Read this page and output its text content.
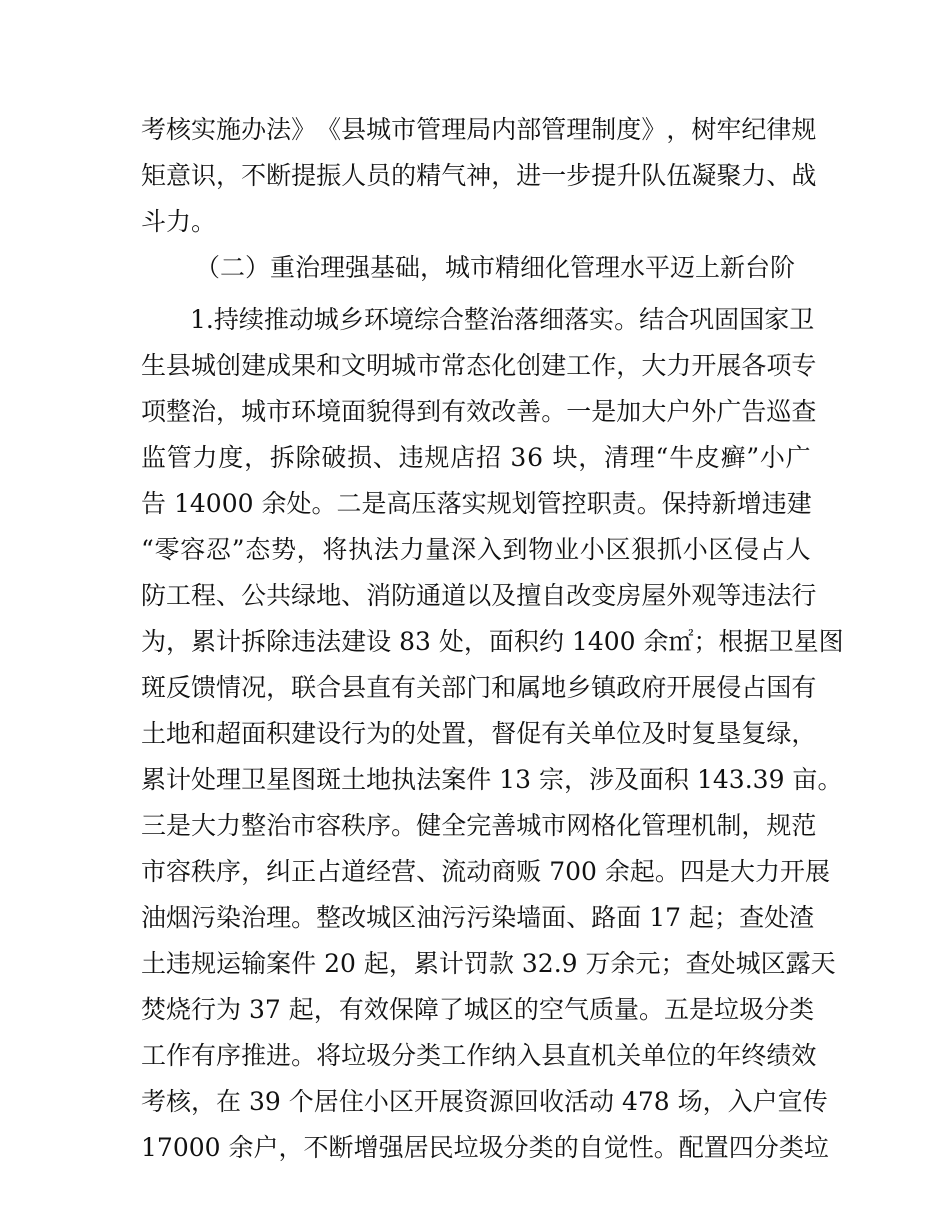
考 核 实 施 办 法 》 《 县 城 市 管 理 局 内 部 管 理 制 度 》 ， 树 牢 纪 律 规
矩 意 识 ， 不 断 提 振 人 员 的 精 气 神 ， 进 一 步 提 升 队 伍 凝 聚 力 、 战
斗力。
（二）重治理强基础，城市精细化管理水平迈上新台阶
1 . 持 续 推 动 城 乡 环 境 综 合 整 治 落 细 落 实 。 结 合 巩 固 国 家 卫
生 县 城 创 建 成 果 和 文 明 城 市 常 态 化 创 建 工 作 ， 大 力 开 展 各 项 专
项 整 治 ， 城 市 环 境 面 貌 得 到 有 效 改 善 。 一 是 加 大 户 外 广 告 巡 查
监 管 力 度 ， 拆 除 破 损 、 违 规 店 招
3 6
块 ， 清 理 “ 牛 皮 癣 ” 小 广
告
1 4 0 0 0
余 处 。 二 是 高 压 落 实 规 划 管 控 职 责 。 保 持 新 增 违 建
“ 零 容 忍 ” 态 势 ， 将 执 法 力 量 深 入 到 物 业 小 区 狠 抓 小 区 侵 占 人
防 工 程 、 公 共 绿 地 、 消 防 通 道 以 及 擅 自 改 变 房 屋 外 观 等 违 法 行
为 ， 累 计 拆 除 违 法 建 设
8 3
处 ， 面 积 约
1 4 0 0
余 ㎡ ； 根 据 卫 星 图
斑 反 馈 情 况 ， 联 合 县 直 有 关 部 门 和 属 地 乡 镇 政 府 开 展 侵 占 国 有
土 地 和 超 面 积 建 设 行 为 的 处 置 ， 督 促 有 关 单 位 及 时 复 垦 复 绿 ，
累 计 处 理 卫 星 图 斑 土 地 执 法 案 件
1 3
宗 ， 涉 及 面 积
1 4 3 . 3 9
亩 。
三 是 大 力 整 治 市 容 秩 序 。 健 全 完 善 城 市 网 格 化 管 理 机 制 ， 规 范
市 容 秩 序 ， 纠 正 占 道 经 营 、 流 动 商 贩
7 0 0
余 起 。 四 是 大 力 开 展
油 烟 污 染 治 理 。 整 改 城 区 油 污 污 染 墙 面 、 路 面
1 7
起 ； 查 处 渣
土 违 规 运 输 案 件
2 0
起 ， 累 计 罚 款
3 2 . 9
万 余 元 ； 查 处 城 区 露 天
焚 烧 行 为
3 7
起 ， 有 效 保 障 了 城 区 的 空 气 质 量 。 五 是 垃 圾 分 类
工 作 有 序 推 进 。 将 垃 圾 分 类 工 作 纳 入 县 直 机 关 单 位 的 年 终 绩 效
考 核 ， 在
3 9
个 居 住 小 区 开 展 资 源 回 收 活 动
4 7 8
场 ， 入 户 宣 传
1 7 0 0 0
余 户 ， 不 断 增 强 居 民 垃 圾 分 类 的 自 觉 性 。 配 置 四 分 类 垃
